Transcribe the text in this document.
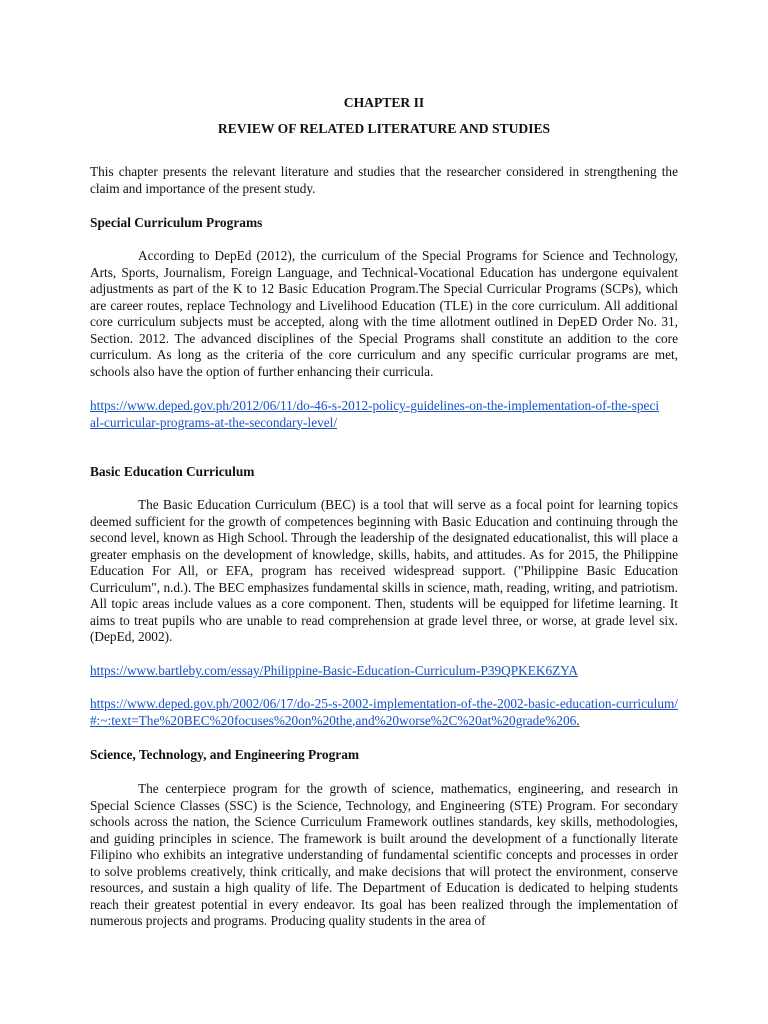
CHAPTER II
REVIEW OF RELATED LITERATURE AND STUDIES

This chapter presents the relevant literature and studies that the researcher considered in strengthening the claim and importance of the present study.

Special Curriculum Programs

According to DepEd (2012), the curriculum of the Special Programs for Science and Technology, Arts, Sports, Journalism, Foreign Language, and Technical-Vocational Education has undergone equivalent adjustments as part of the K to 12 Basic Education Program.The Special Curricular Programs (SCPs), which are career routes, replace Technology and Livelihood Education (TLE) in the core curriculum. All additional core curriculum subjects must be accepted, along with the time allotment outlined in DepED Order No. 31, Section. 2012. The advanced disciplines of the Special Programs shall constitute an addition to the core curriculum. As long as the criteria of the core curriculum and any specific curricular programs are met, schools also have the option of further enhancing their curricula.

https://www.deped.gov.ph/2012/06/11/do-46-s-2012-policy-guidelines-on-the-implementation-of-the-special-curricular-programs-at-the-secondary-level/

Basic Education Curriculum

The Basic Education Curriculum (BEC) is a tool that will serve as a focal point for learning topics deemed sufficient for the growth of competences beginning with Basic Education and continuing through the second level, known as High School. Through the leadership of the designated educationalist, this will place a greater emphasis on the development of knowledge, skills, habits, and attitudes. As for 2015, the Philippine Education For All, or EFA, program has received widespread support. ("Philippine Basic Education Curriculum", n.d.). The BEC emphasizes fundamental skills in science, math, reading, writing, and patriotism. All topic areas include values as a core component. Then, students will be equipped for lifetime learning. It aims to treat pupils who are unable to read comprehension at grade level three, or worse, at grade level six. (DepEd, 2002).

https://www.bartleby.com/essay/Philippine-Basic-Education-Curriculum-P39QPKEK6ZYA

https://www.deped.gov.ph/2002/06/17/do-25-s-2002-implementation-of-the-2002-basic-education-curriculum/#:~:text=The%20BEC%20focuses%20on%20the,and%20worse%2C%20at%20grade%206.

Science, Technology, and Engineering Program

The centerpiece program for the growth of science, mathematics, engineering, and research in Special Science Classes (SSC) is the Science, Technology, and Engineering (STE) Program. For secondary schools across the nation, the Science Curriculum Framework outlines standards, key skills, methodologies, and guiding principles in science. The framework is built around the development of a functionally literate Filipino who exhibits an integrative understanding of fundamental scientific concepts and processes in order to solve problems creatively, think critically, and make decisions that will protect the environment, conserve resources, and sustain a high quality of life. The Department of Education is dedicated to helping students reach their greatest potential in every endeavor. Its goal has been realized through the implementation of numerous projects and programs. Producing quality students in the area of
